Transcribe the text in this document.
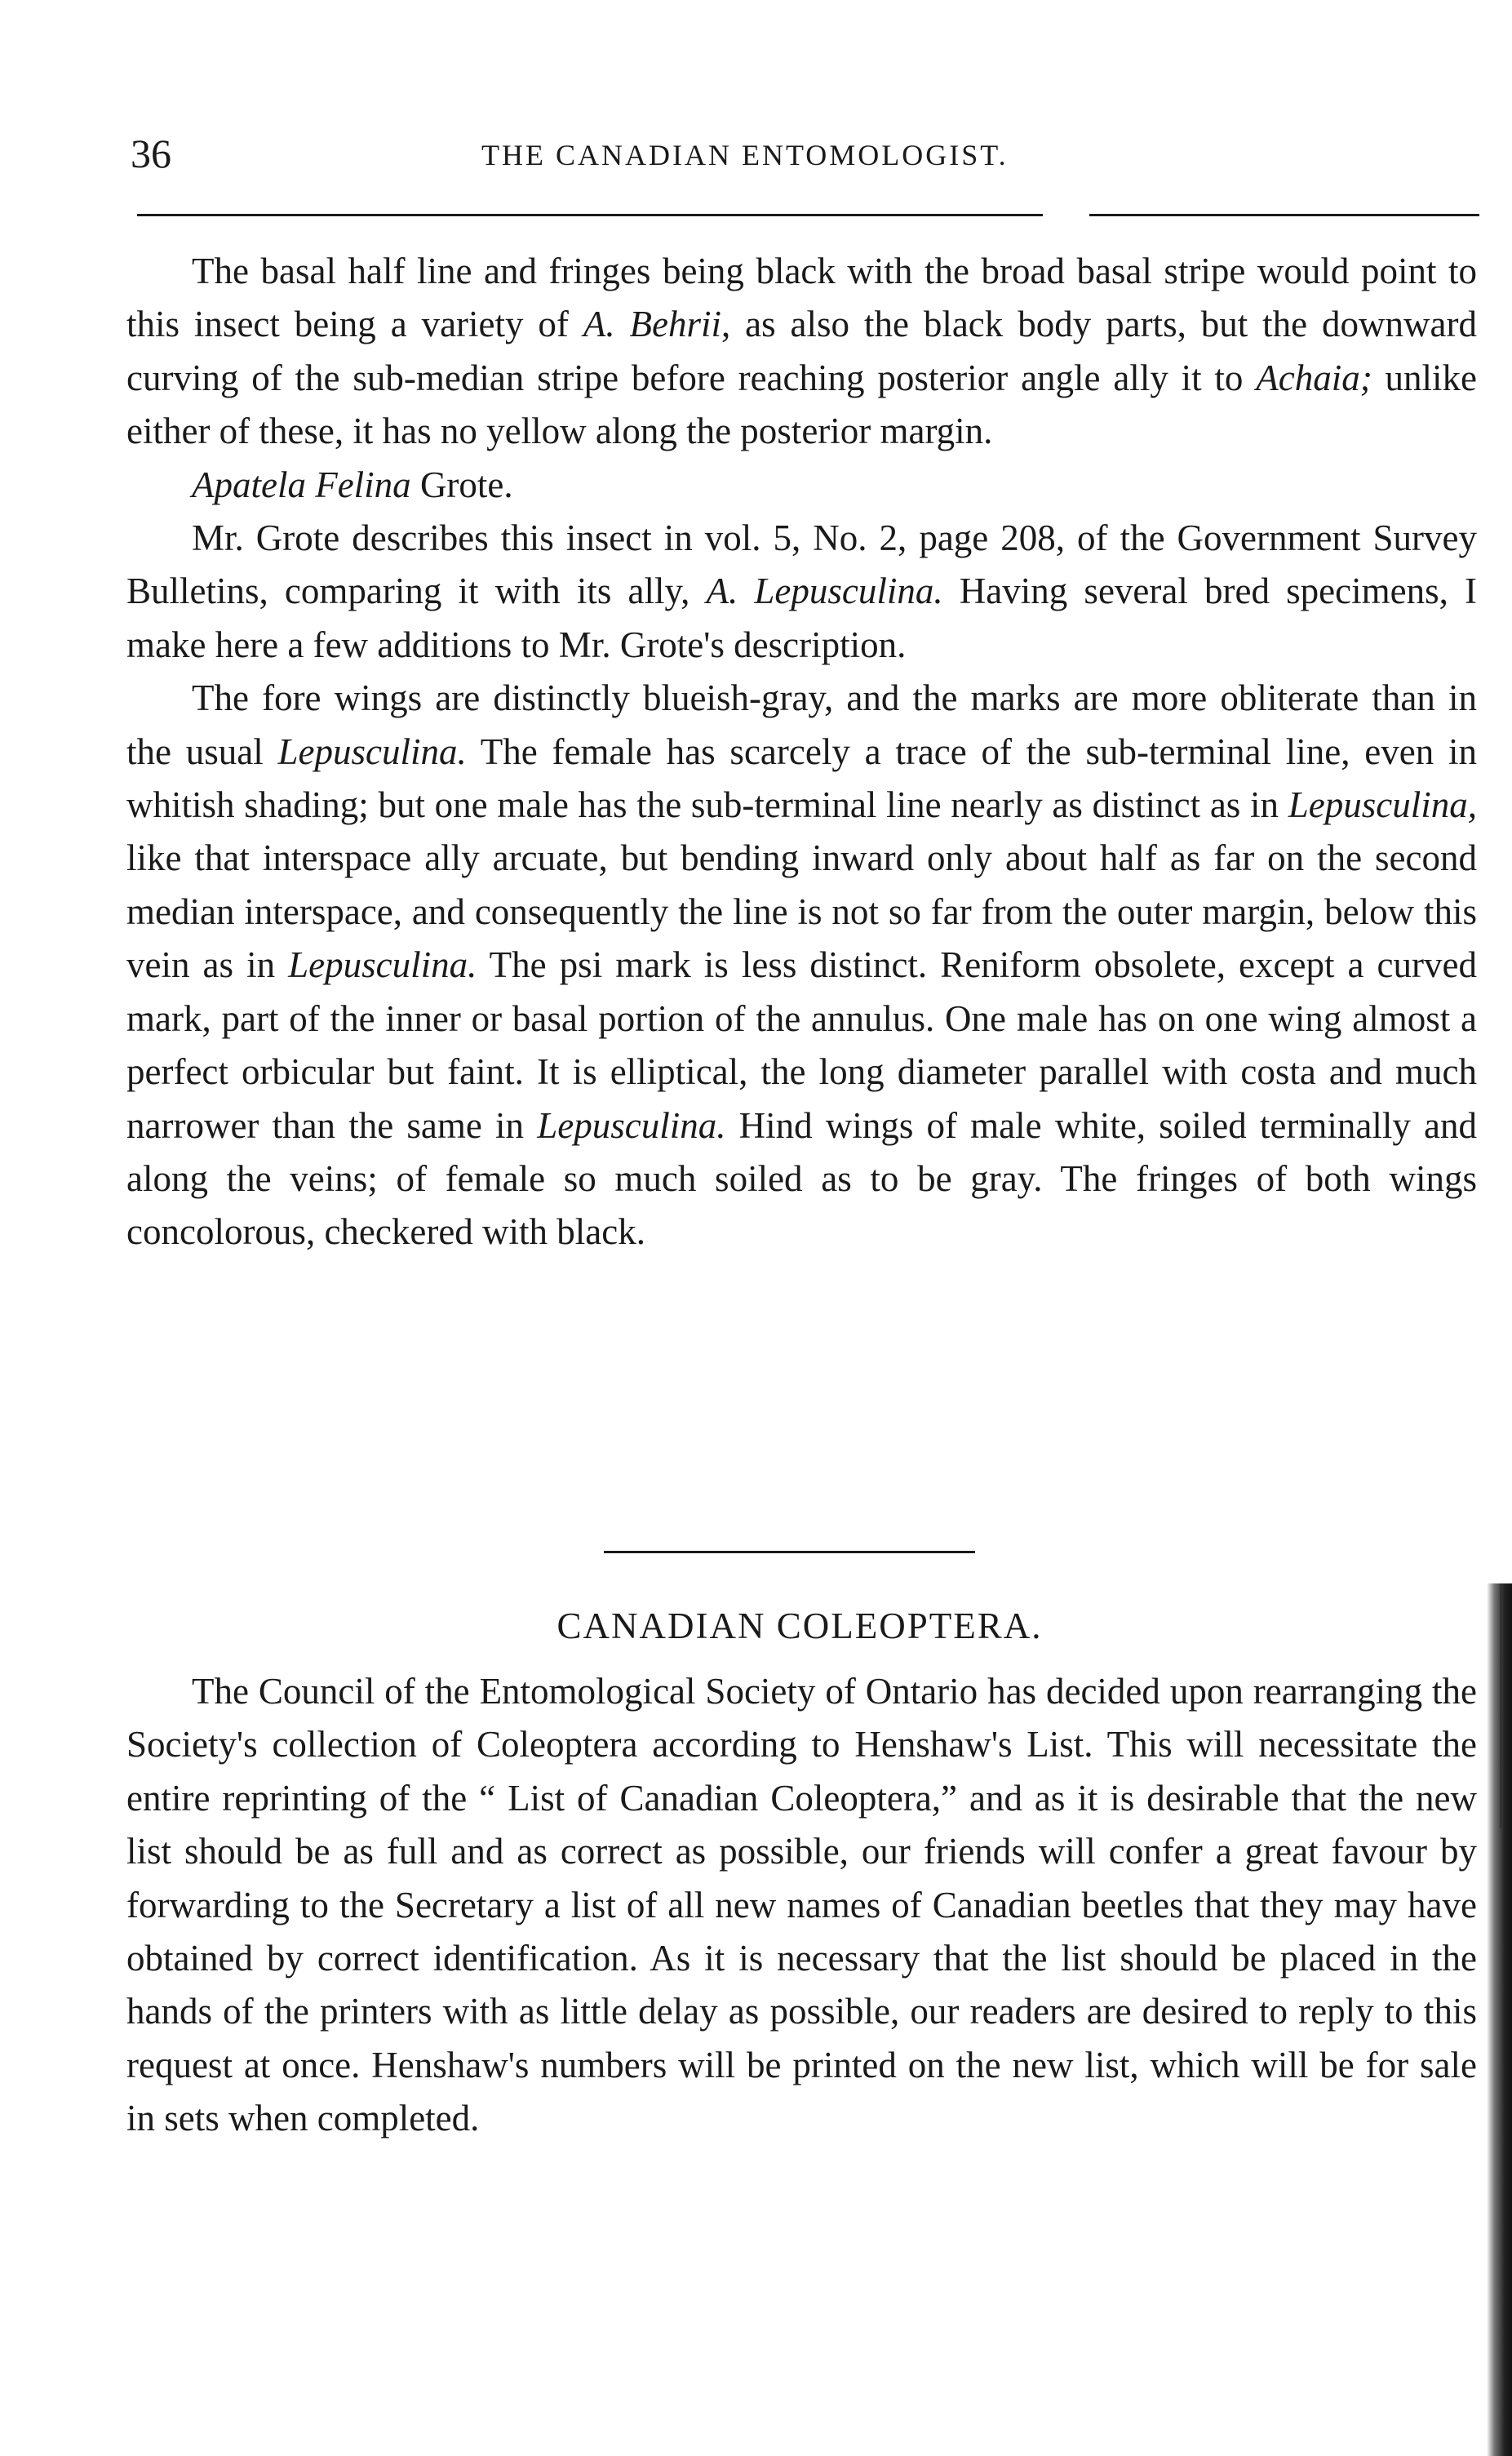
36	THE CANADIAN ENTOMOLOGIST.

The basal half line and fringes being black with the broad basal stripe would point to this insect being a variety of A. Behrii, as also the black body parts, but the downward curving of the sub-median stripe before reaching posterior angle ally it to Achaia; unlike either of these, it has no yellow along the posterior margin.

Apatela Felina Grote.

Mr. Grote describes this insect in vol. 5, No. 2, page 208, of the Government Survey Bulletins, comparing it with its ally, A. Lepusculina. Having several bred specimens, I make here a few additions to Mr. Grote's description.

The fore wings are distinctly blueish-gray, and the marks are more obliterate than in the usual Lepusculina. The female has scarcely a trace of the sub-terminal line, even in whitish shading; but one male has the sub-terminal line nearly as distinct as in Lepusculina, like that interspace ally arcuate, but bending inward only about half as far on the second median interspace, and consequently the line is not so far from the outer margin, below this vein as in Lepusculina. The psi mark is less distinct. Reniform obsolete, except a curved mark, part of the inner or basal portion of the annulus. One male has on one wing almost a perfect orbicular but faint. It is elliptical, the long diameter parallel with costa and much narrower than the same in Lepusculina. Hind wings of male white, soiled terminally and along the veins; of female so much soiled as to be gray. The fringes of both wings concolorous, checkered with black.

CANADIAN COLEOPTERA.

The Council of the Entomological Society of Ontario has decided upon rearranging the Society's collection of Coleoptera according to Henshaw's List. This will necessitate the entire reprinting of the “ List of Canadian Coleoptera,” and as it is desirable that the new list should be as full and as correct as possible, our friends will confer a great favour by forwarding to the Secretary a list of all new names of Canadian beetles that they may have obtained by correct identification. As it is necessary that the list should be placed in the hands of the printers with as little delay as possible, our readers are desired to reply to this request at once. Henshaw's numbers will be printed on the new list, which will be for sale in sets when completed.
